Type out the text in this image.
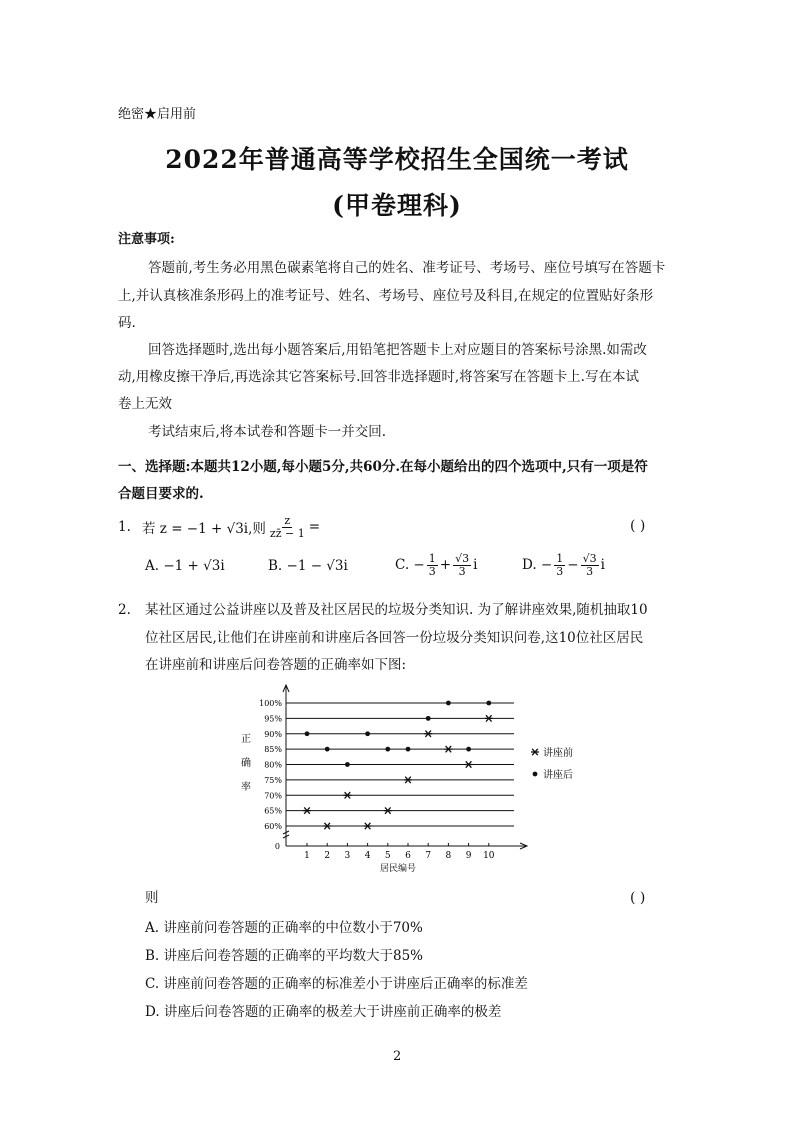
绝密★启用前
2022年普通高等学校招生全国统一考试
(甲卷理科)
注意事项:
答题前,考生务必用黑色碳素笔将自己的姓名、准考证号、考场号、座位号填写在答题卡
上,并认真核准条形码上的准考证号、姓名、考场号、座位号及科目,在规定的位置贴好条形
码.
回答选择题时,选出每小题答案后,用铅笔把答题卡上对应题目的答案标号涂黑.如需改
动,用橡皮擦干净后,再选涂其它答案标号.回答非选择题时,将答案写在答题卡上.写在本试
卷上无效
考试结束后,将本试卷和答题卡一并交回.
一、选择题:本题共12小题,每小题5分,共60分.在每小题给出的四个选项中,只有一项是符
合题目要求的.
1. 若 z = −1 + √3i,则 $\frac{z}{zz̄ - 1}$ =	( )
A. −1 + √3i	B. −1 − √3i	C. − $\frac{1}{3} + \frac{√3}{3}$ i	D. − $\frac{1}{3} - \frac{√3}{3}$ i
2.	某社区通过公益讲座以及普及社区居民的垃圾分类知识. 为了解讲座效果,随机抽取10
位社区居民,让他们在讲座前和讲座后各回答一份垃圾分类知识问卷,这10位社区居民
在讲座前和讲座后问卷答题的正确率如下图:
60%
65%
70%
75%
80%
85%
90%
95%
100%
0
1 2 3 4 5 6 7 8 9 10
居民编号
正
确
率
讲座前
讲座后
则	( )
A. 讲座前问卷答题的正确率的中位数小于70%
B. 讲座后问卷答题的正确率的平均数大于85%
C. 讲座前问卷答题的正确率的标准差小于讲座后正确率的标准差
D. 讲座后问卷答题的正确率的极差大于讲座前正确率的极差
2
